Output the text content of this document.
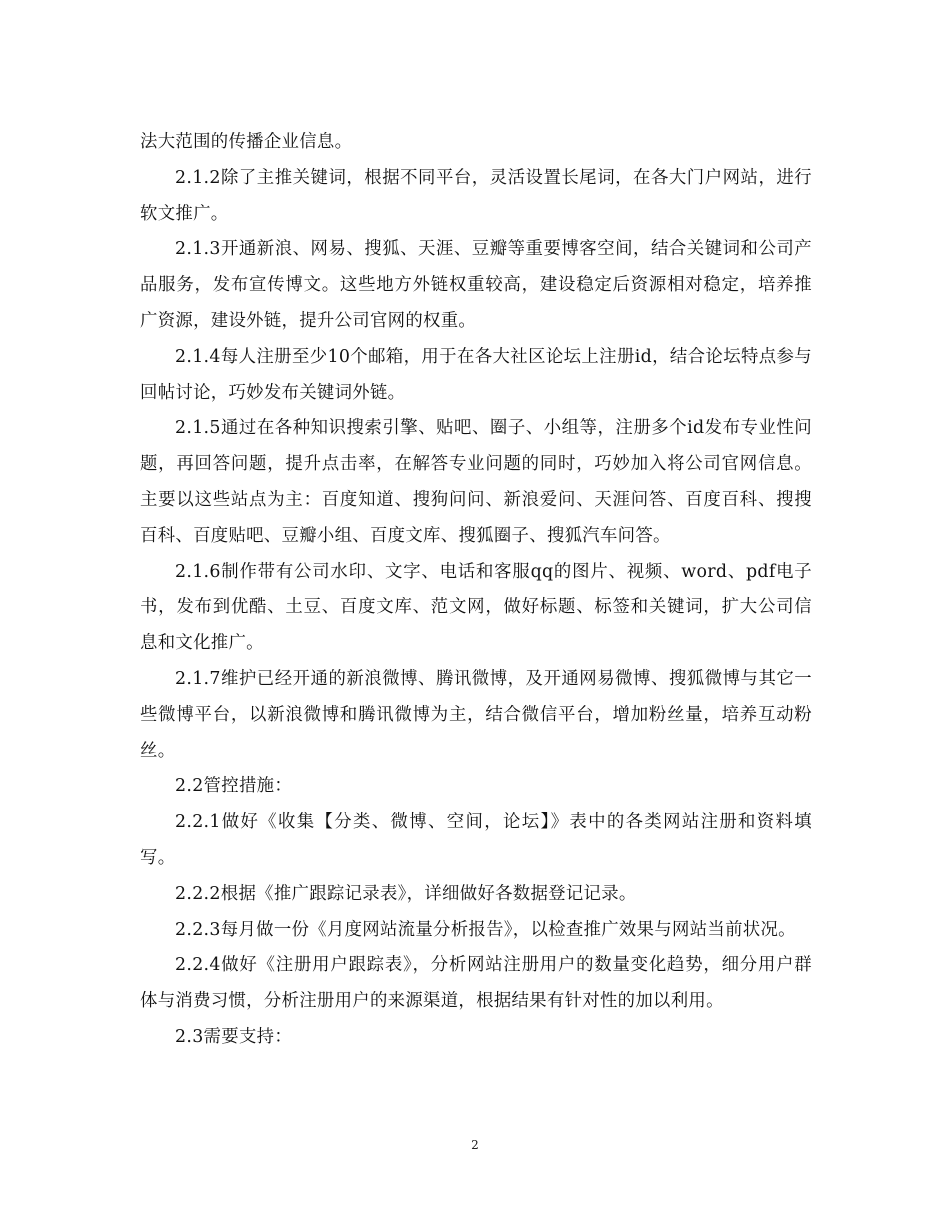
法大范围的传播企业信息。

2.1.2除了主推关键词，根据不同平台，灵活设置长尾词，在各大门户网站，进行软文推广。

2.1.3开通新浪、网易、搜狐、天涯、豆瓣等重要博客空间，结合关键词和公司产品服务，发布宣传博文。这些地方外链权重较高，建设稳定后资源相对稳定，培养推广资源，建设外链，提升公司官网的权重。

2.1.4每人注册至少10个邮箱，用于在各大社区论坛上注册id，结合论坛特点参与回帖讨论，巧妙发布关键词外链。

2.1.5通过在各种知识搜索引擎、贴吧、圈子、小组等，注册多个id发布专业性问题，再回答问题，提升点击率，在解答专业问题的同时，巧妙加入将公司官网信息。主要以这些站点为主：百度知道、搜狗问问、新浪爱问、天涯问答、百度百科、搜搜百科、百度贴吧、豆瓣小组、百度文库、搜狐圈子、搜狐汽车问答。

2.1.6制作带有公司水印、文字、电话和客服qq的图片、视频、word、pdf电子书，发布到优酷、土豆、百度文库、范文网，做好标题、标签和关键词，扩大公司信息和文化推广。

2.1.7维护已经开通的新浪微博、腾讯微博，及开通网易微博、搜狐微博与其它一些微博平台，以新浪微博和腾讯微博为主，结合微信平台，增加粉丝量，培养互动粉丝。

2.2管控措施：

2.2.1做好《收集【分类、微博、空间，论坛】》表中的各类网站注册和资料填写。

2.2.2根据《推广跟踪记录表》，详细做好各数据登记记录。

2.2.3每月做一份《月度网站流量分析报告》，以检查推广效果与网站当前状况。

2.2.4做好《注册用户跟踪表》，分析网站注册用户的数量变化趋势，细分用户群体与消费习惯，分析注册用户的来源渠道，根据结果有针对性的加以利用。

2.3需要支持：

2
